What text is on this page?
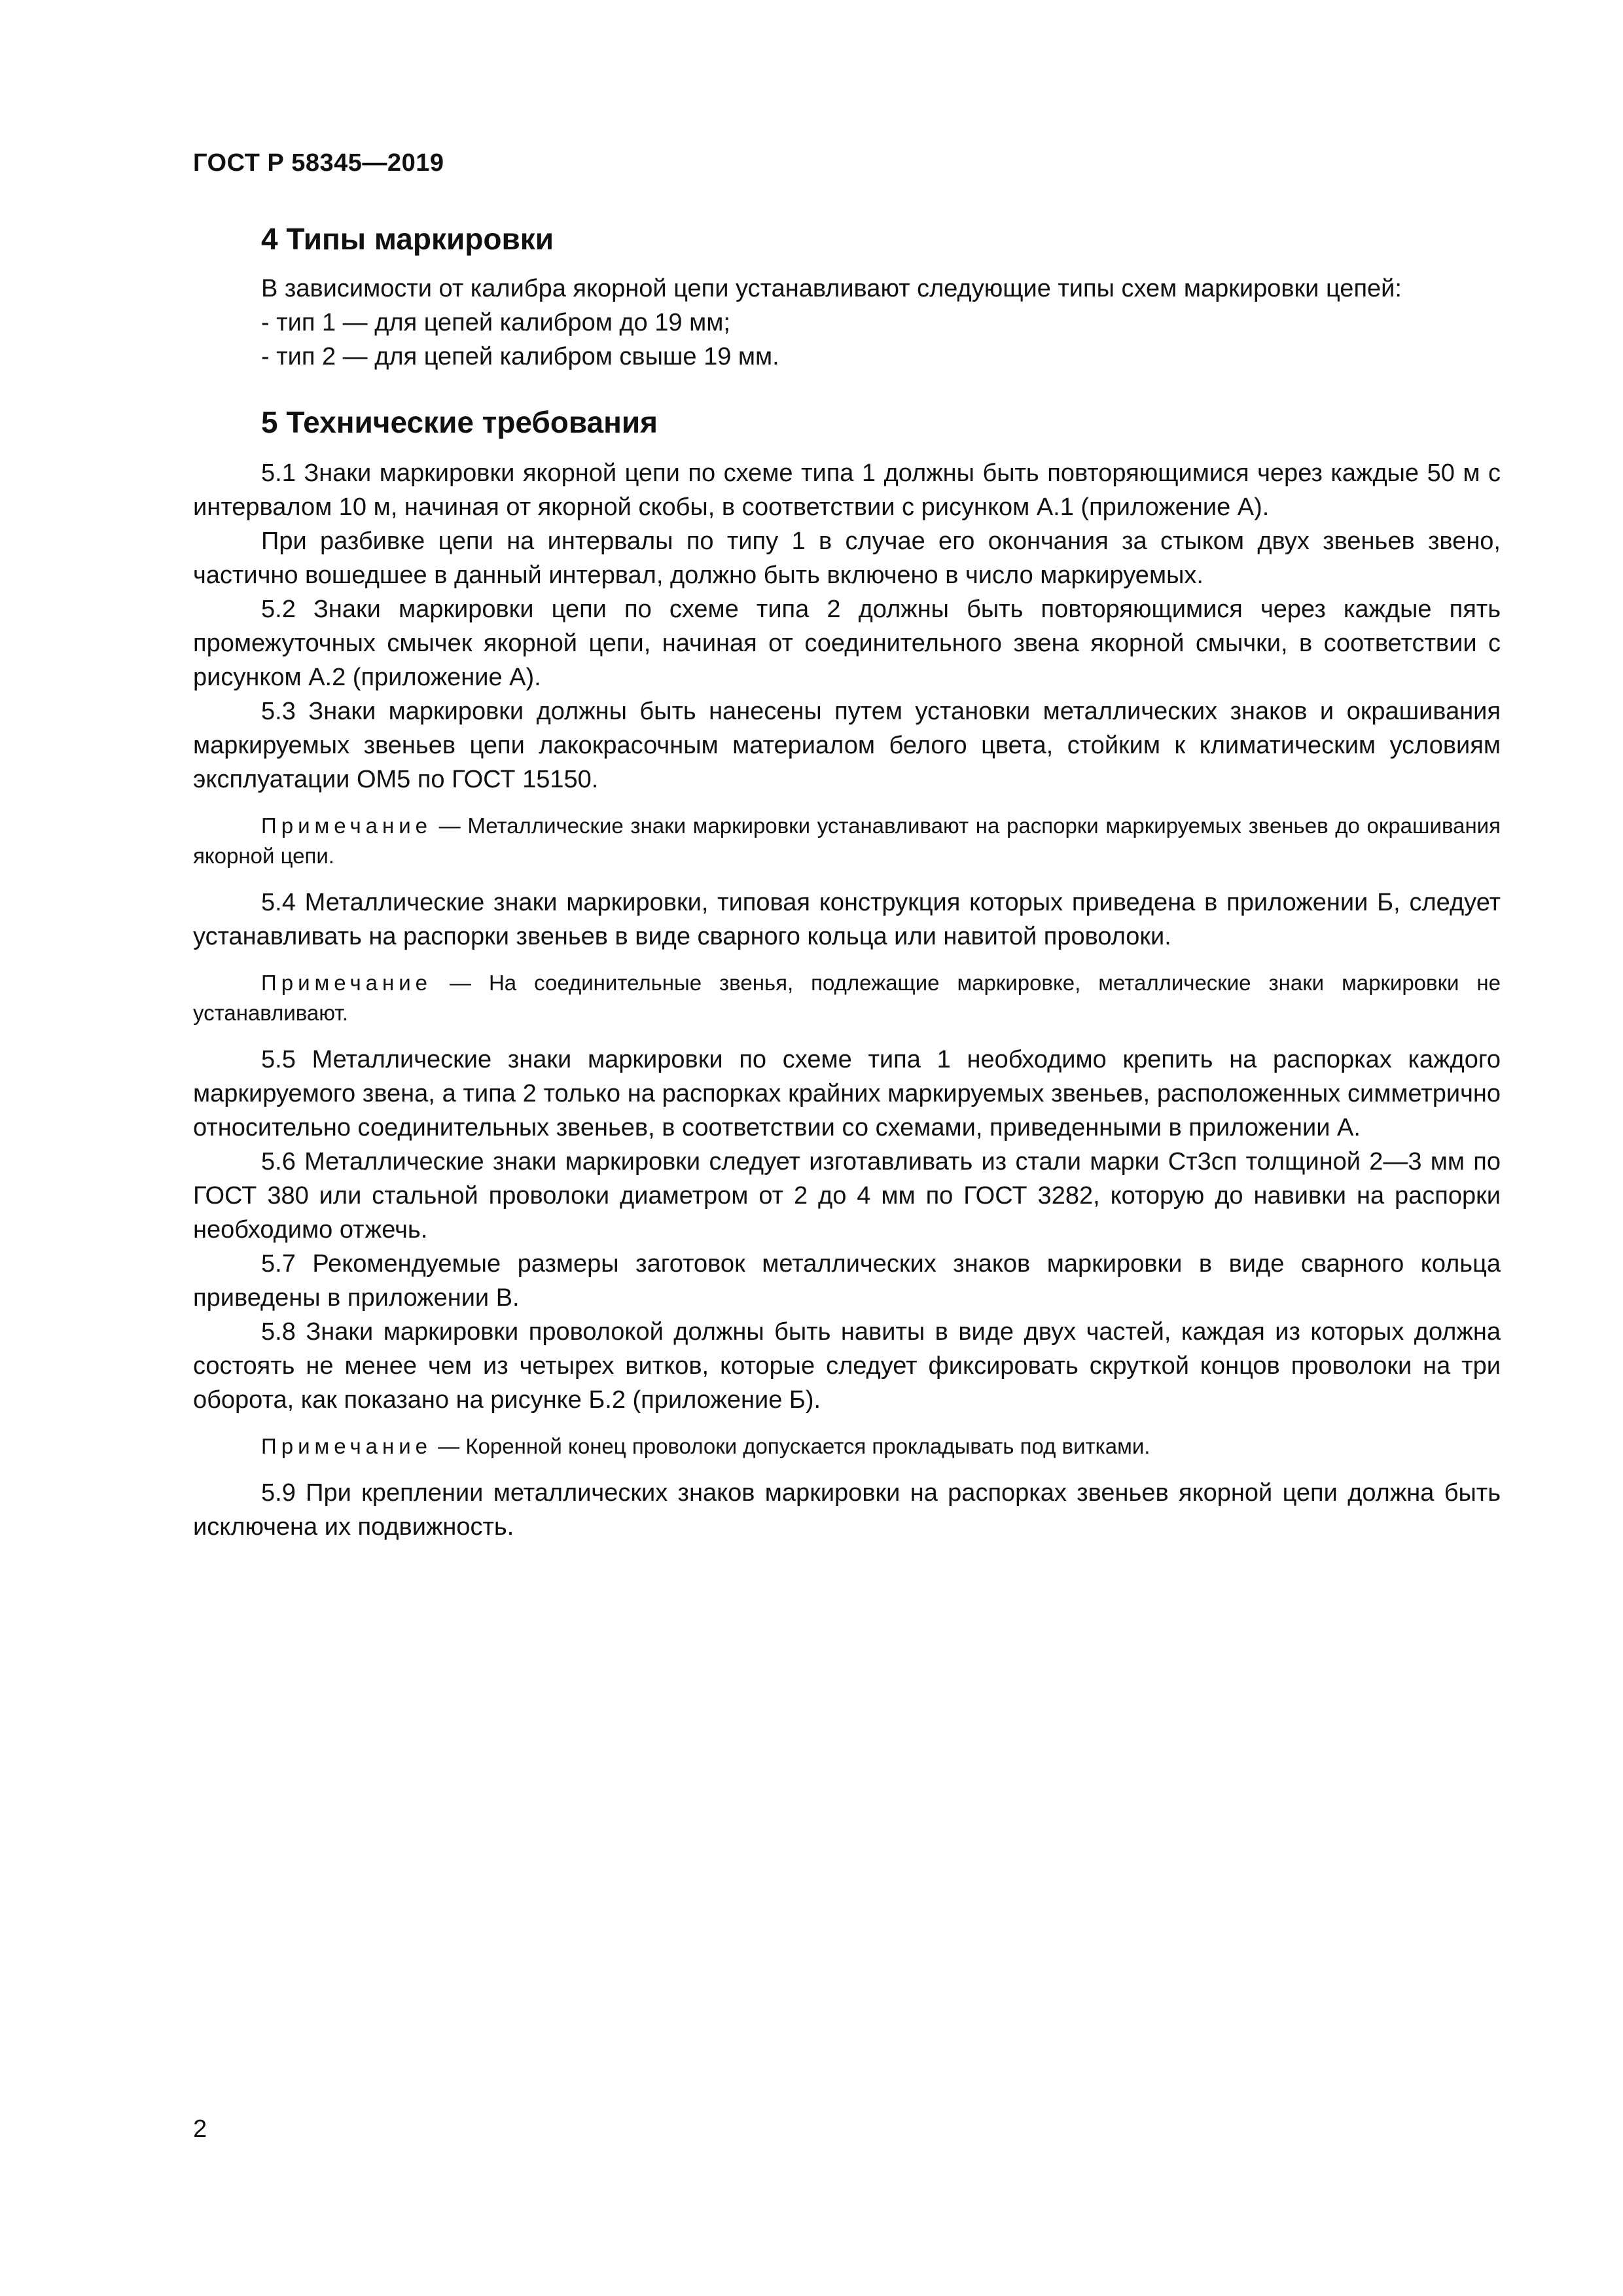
ГОСТ Р 58345—2019
4 Типы маркировки
В зависимости от калибра якорной цепи устанавливают следующие типы схем маркировки цепей:
- тип 1 — для цепей калибром до 19 мм;
- тип 2 — для цепей калибром свыше 19 мм.
5 Технические требования

5.1 Знаки маркировки якорной цепи по схеме типа 1 должны быть повторяющимися через каждые 50 м с интервалом 10 м, начиная от якорной скобы, в соответствии с рисунком А.1 (приложение А).

При разбивке цепи на интервалы по типу 1 в случае его окончания за стыком двух звеньев звено, частично вошедшее в данный интервал, должно быть включено в число маркируемых.

5.2 Знаки маркировки цепи по схеме типа 2 должны быть повторяющимися через каждые пять промежуточных смычек якорной цепи, начиная от соединительного звена якорной смычки, в соответствии с рисунком А.2 (приложение А).

5.3 Знаки маркировки должны быть нанесены путем установки металлических знаков и окрашивания маркируемых звеньев цепи лакокрасочным материалом белого цвета, стойким к климатическим условиям эксплуатации ОМ5 по ГОСТ 15150.

Примечание — Металлические знаки маркировки устанавливают на распорки маркируемых звеньев до окрашивания якорной цепи.

5.4 Металлические знаки маркировки, типовая конструкция которых приведена в приложении Б, следует устанавливать на распорки звеньев в виде сварного кольца или навитой проволоки.

Примечание — На соединительные звенья, подлежащие маркировке, металлические знаки маркировки не устанавливают.

5.5 Металлические знаки маркировки по схеме типа 1 необходимо крепить на распорках каждого маркируемого звена, а типа 2 только на распорках крайних маркируемых звеньев, расположенных симметрично относительно соединительных звеньев, в соответствии со схемами, приведенными в приложении А.

5.6 Металлические знаки маркировки следует изготавливать из стали марки Ст3сп толщиной 2—3 мм по ГОСТ 380 или стальной проволоки диаметром от 2 до 4 мм по ГОСТ 3282, которую до навивки на распорки необходимо отжечь.

5.7 Рекомендуемые размеры заготовок металлических знаков маркировки в виде сварного кольца приведены в приложении В.

5.8 Знаки маркировки проволокой должны быть навиты в виде двух частей, каждая из которых должна состоять не менее чем из четырех витков, которые следует фиксировать скруткой концов проволоки на три оборота, как показано на рисунке Б.2 (приложение Б).

Примечание — Коренной конец проволоки допускается прокладывать под витками.

5.9 При креплении металлических знаков маркировки на распорках звеньев якорной цепи должна быть исключена их подвижность.

2
